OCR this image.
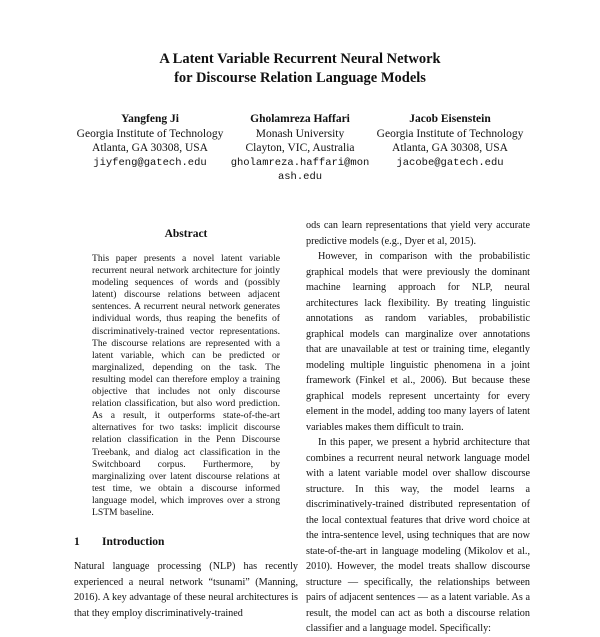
A Latent Variable Recurrent Neural Network
for Discourse Relation Language Models
Yangfeng Ji
Georgia Institute of Technology
Atlanta, GA 30308, USA
jiyfeng@gatech.edu
Gholamreza Haffari
Monash University
Clayton, VIC, Australia
gholamreza.haffari@monash.edu
Jacob Eisenstein
Georgia Institute of Technology
Atlanta, GA 30308, USA
jacobe@gatech.edu
Abstract
This paper presents a novel latent variable recurrent neural network architecture for jointly modeling sequences of words and (possibly latent) discourse relations between adjacent sentences. A recurrent neural network generates individual words, thus reaping the benefits of discriminatively-trained vector representations. The discourse relations are represented with a latent variable, which can be predicted or marginalized, depending on the task. The resulting model can therefore employ a training objective that includes not only discourse relation classification, but also word prediction. As a result, it outperforms state-of-the-art alternatives for two tasks: implicit discourse relation classification in the Penn Discourse Treebank, and dialog act classification in the Switchboard corpus. Furthermore, by marginalizing over latent discourse relations at test time, we obtain a discourse informed language model, which improves over a strong LSTM baseline.
1 Introduction
Natural language processing (NLP) has recently experienced a neural network “tsunami” (Manning, 2016). A key advantage of these neural architectures is that they employ discriminatively-trained

ods can learn representations that yield very accurate predictive models (e.g., Dyer et al, 2015).

However, in comparison with the probabilistic graphical models that were previously the dominant machine learning approach for NLP, neural architectures lack flexibility. By treating linguistic annotations as random variables, probabilistic graphical models can marginalize over annotations that are unavailable at test or training time, elegantly modeling multiple linguistic phenomena in a joint framework (Finkel et al., 2006). But because these graphical models represent uncertainty for every element in the model, adding too many layers of latent variables makes them difficult to train.

In this paper, we present a hybrid architecture that combines a recurrent neural network language model with a latent variable model over shallow discourse structure. In this way, the model learns a discriminatively-trained distributed representation of the local contextual features that drive word choice at the intra-sentence level, using techniques that are now state-of-the-art in language modeling (Mikolov et al., 2010). However, the model treats shallow discourse structure — specifically, the relationships between pairs of adjacent sentences — as a latent variable. As a result, the model can act as both a discourse relation classifier and a language model. Specifically:
